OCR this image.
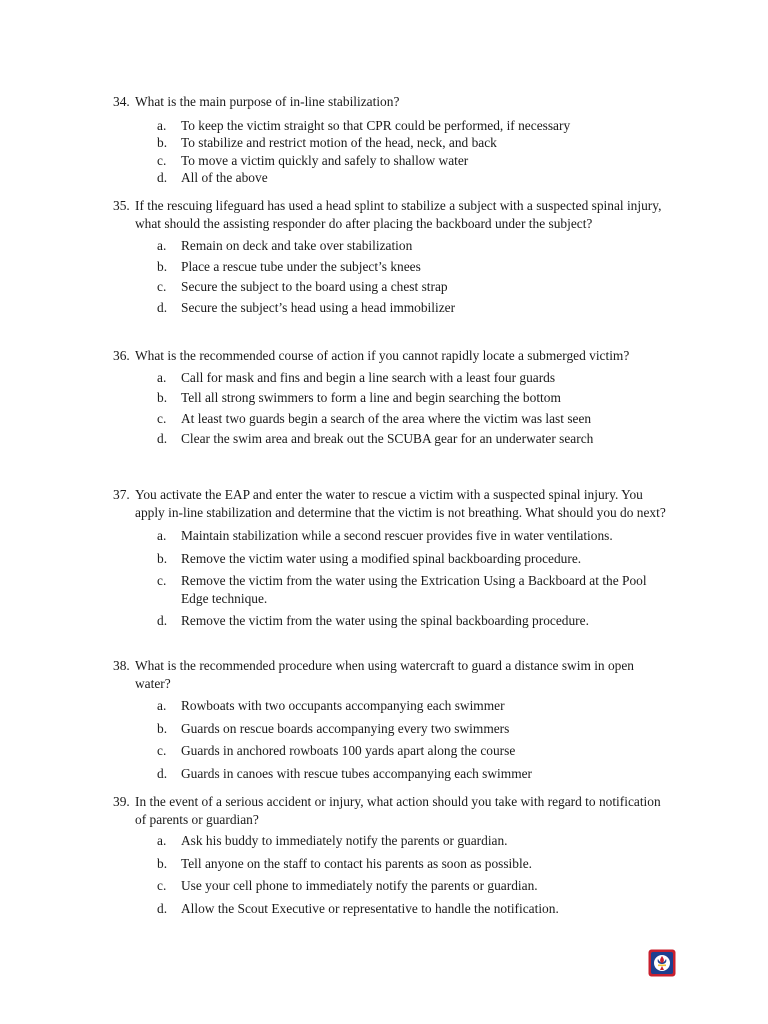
34. What is the main purpose of in-line stabilization?
a. To keep the victim straight so that CPR could be performed, if necessary
b. To stabilize and restrict motion of the head, neck, and back
c. To move a victim quickly and safely to shallow water
d. All of the above
35. If the rescuing lifeguard has used a head splint to stabilize a subject with a suspected spinal injury, what should the assisting responder do after placing the backboard under the subject?
a. Remain on deck and take over stabilization
b. Place a rescue tube under the subject’s knees
c. Secure the subject to the board using a chest strap
d. Secure the subject’s head using a head immobilizer
36. What is the recommended course of action if you cannot rapidly locate a submerged victim?
a. Call for mask and fins and begin a line search with a least four guards
b. Tell all strong swimmers to form a line and begin searching the bottom
c. At least two guards begin a search of the area where the victim was last seen
d. Clear the swim area and break out the SCUBA gear for an underwater search
37. You activate the EAP and enter the water to rescue a victim with a suspected spinal injury. You apply in-line stabilization and determine that the victim is not breathing. What should you do next?
a. Maintain stabilization while a second rescuer provides five in water ventilations.
b. Remove the victim water using a modified spinal backboarding procedure.
c. Remove the victim from the water using the Extrication Using a Backboard at the Pool Edge technique.
d. Remove the victim from the water using the spinal backboarding procedure.
38. What is the recommended procedure when using watercraft to guard a distance swim in open water?
a. Rowboats with two occupants accompanying each swimmer
b. Guards on rescue boards accompanying every two swimmers
c. Guards in anchored rowboats 100 yards apart along the course
d. Guards in canoes with rescue tubes accompanying each swimmer
39. In the event of a serious accident or injury, what action should you take with regard to notification of parents or guardian?
a. Ask his buddy to immediately notify the parents or guardian.
b. Tell anyone on the staff to contact his parents as soon as possible.
c. Use your cell phone to immediately notify the parents or guardian.
d. Allow the Scout Executive or representative to handle the notification.
